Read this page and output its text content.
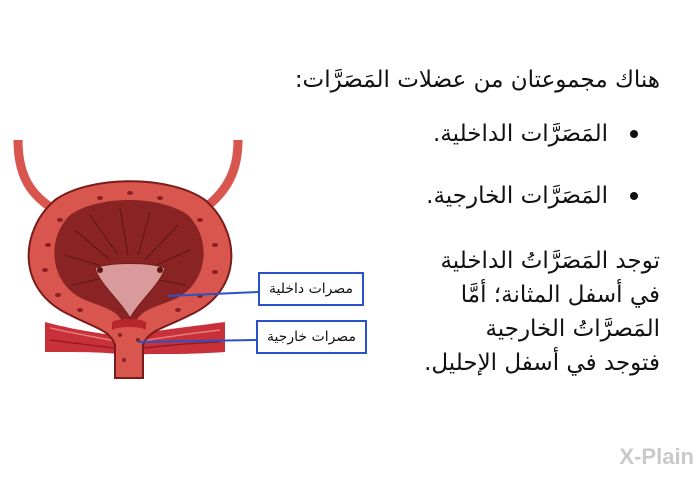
هناك مجموعتان من عضلات المَصَرَّات:
المَصَرَّات الداخلية.
المَصَرَّات الخارجية.
توجد المَصَرَّاتُ الداخلية
في أسفل المثانة؛ أمَّا
المَصرَّاتُ الخارجية
فتوجد في أسفل الإحليل.
مصرات داخلية
مصرات خارجية
X-Plain
